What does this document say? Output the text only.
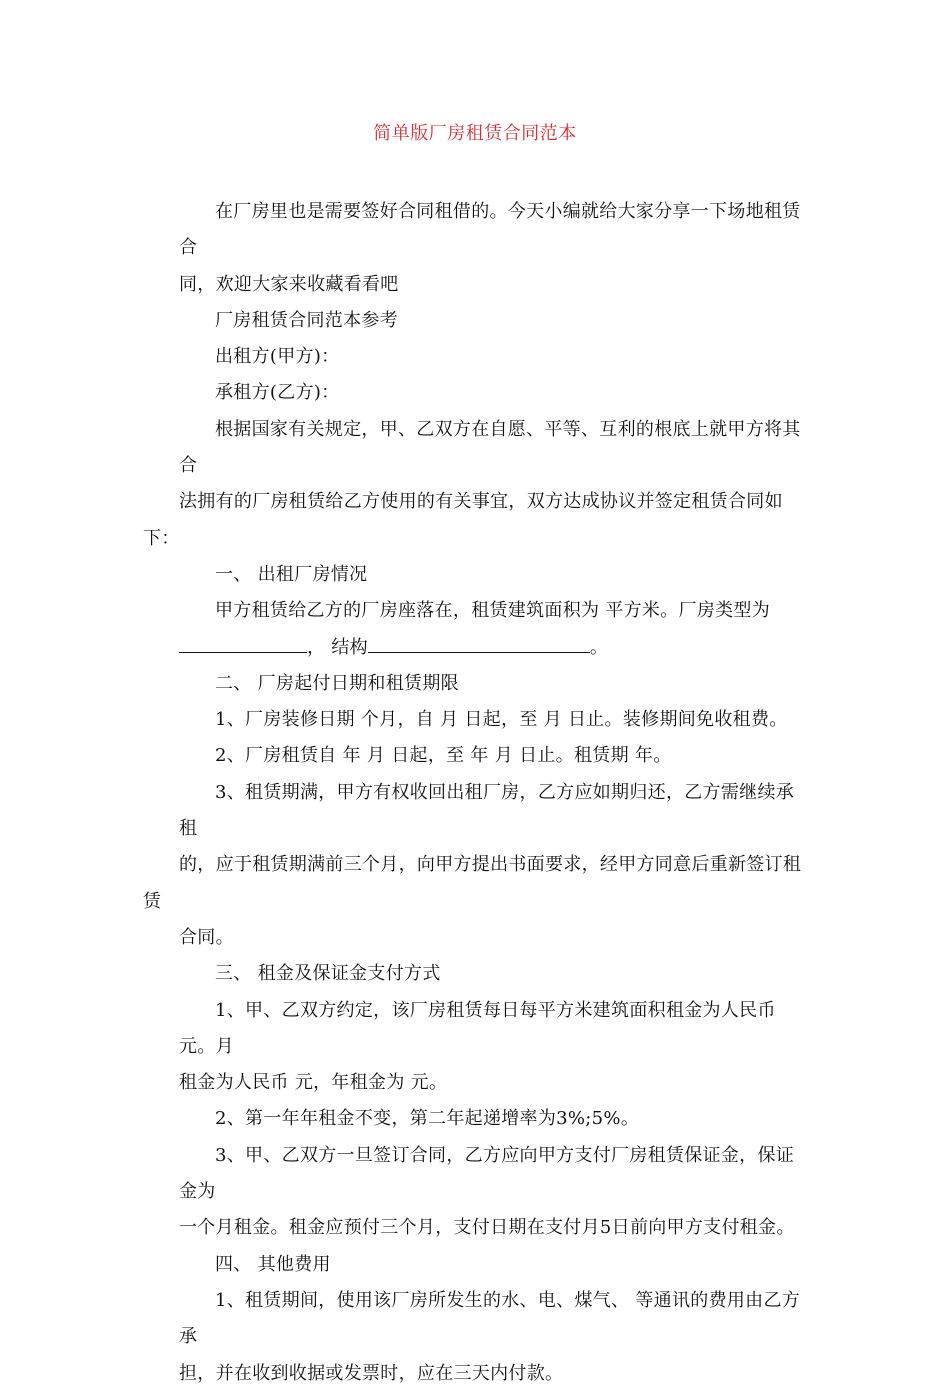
简单版厂房租赁合同范本

在厂房里也是需要签好合同租借的。今天小编就给大家分享一下场地租赁合
同，欢迎大家来收藏看看吧

厂房租赁合同范本参考

出租方(甲方)：

承租方(乙方)：

根据国家有关规定，甲、乙双方在自愿、平等、互利的根底上就甲方将其合
法拥有的厂房租赁给乙方使用的有关事宜，双方达成协议并签定租赁合同如下：

一、 出租厂房情况

甲方租赁给乙方的厂房座落在，租赁建筑面积为 平方米。厂房类型为
， 结构	。

二、 厂房起付日期和租赁期限

1、厂房装修日期 个月，自 月 日起，至 月 日止。装修期间免收租费。

2、厂房租赁自 年 月 日起，至 年 月 日止。租赁期 年。

3、租赁期满，甲方有权收回出租厂房，乙方应如期归还，乙方需继续承租
的，应于租赁期满前三个月，向甲方提出书面要求，经甲方同意后重新签订租赁
合同。

三、 租金及保证金支付方式

1、甲、乙双方约定，该厂房租赁每日每平方米建筑面积租金为人民币 元。月
租金为人民币 元，年租金为 元。

2、第一年年租金不变，第二年起递增率为3%;5%。

3、甲、乙双方一旦签订合同，乙方应向甲方支付厂房租赁保证金，保证金为
一个月租金。租金应预付三个月，支付日期在支付月5日前向甲方支付租金。

四、 其他费用

1、租赁期间，使用该厂房所发生的水、电、煤气、 等通讯的费用由乙方承
担，并在收到收据或发票时，应在三天内付款。
